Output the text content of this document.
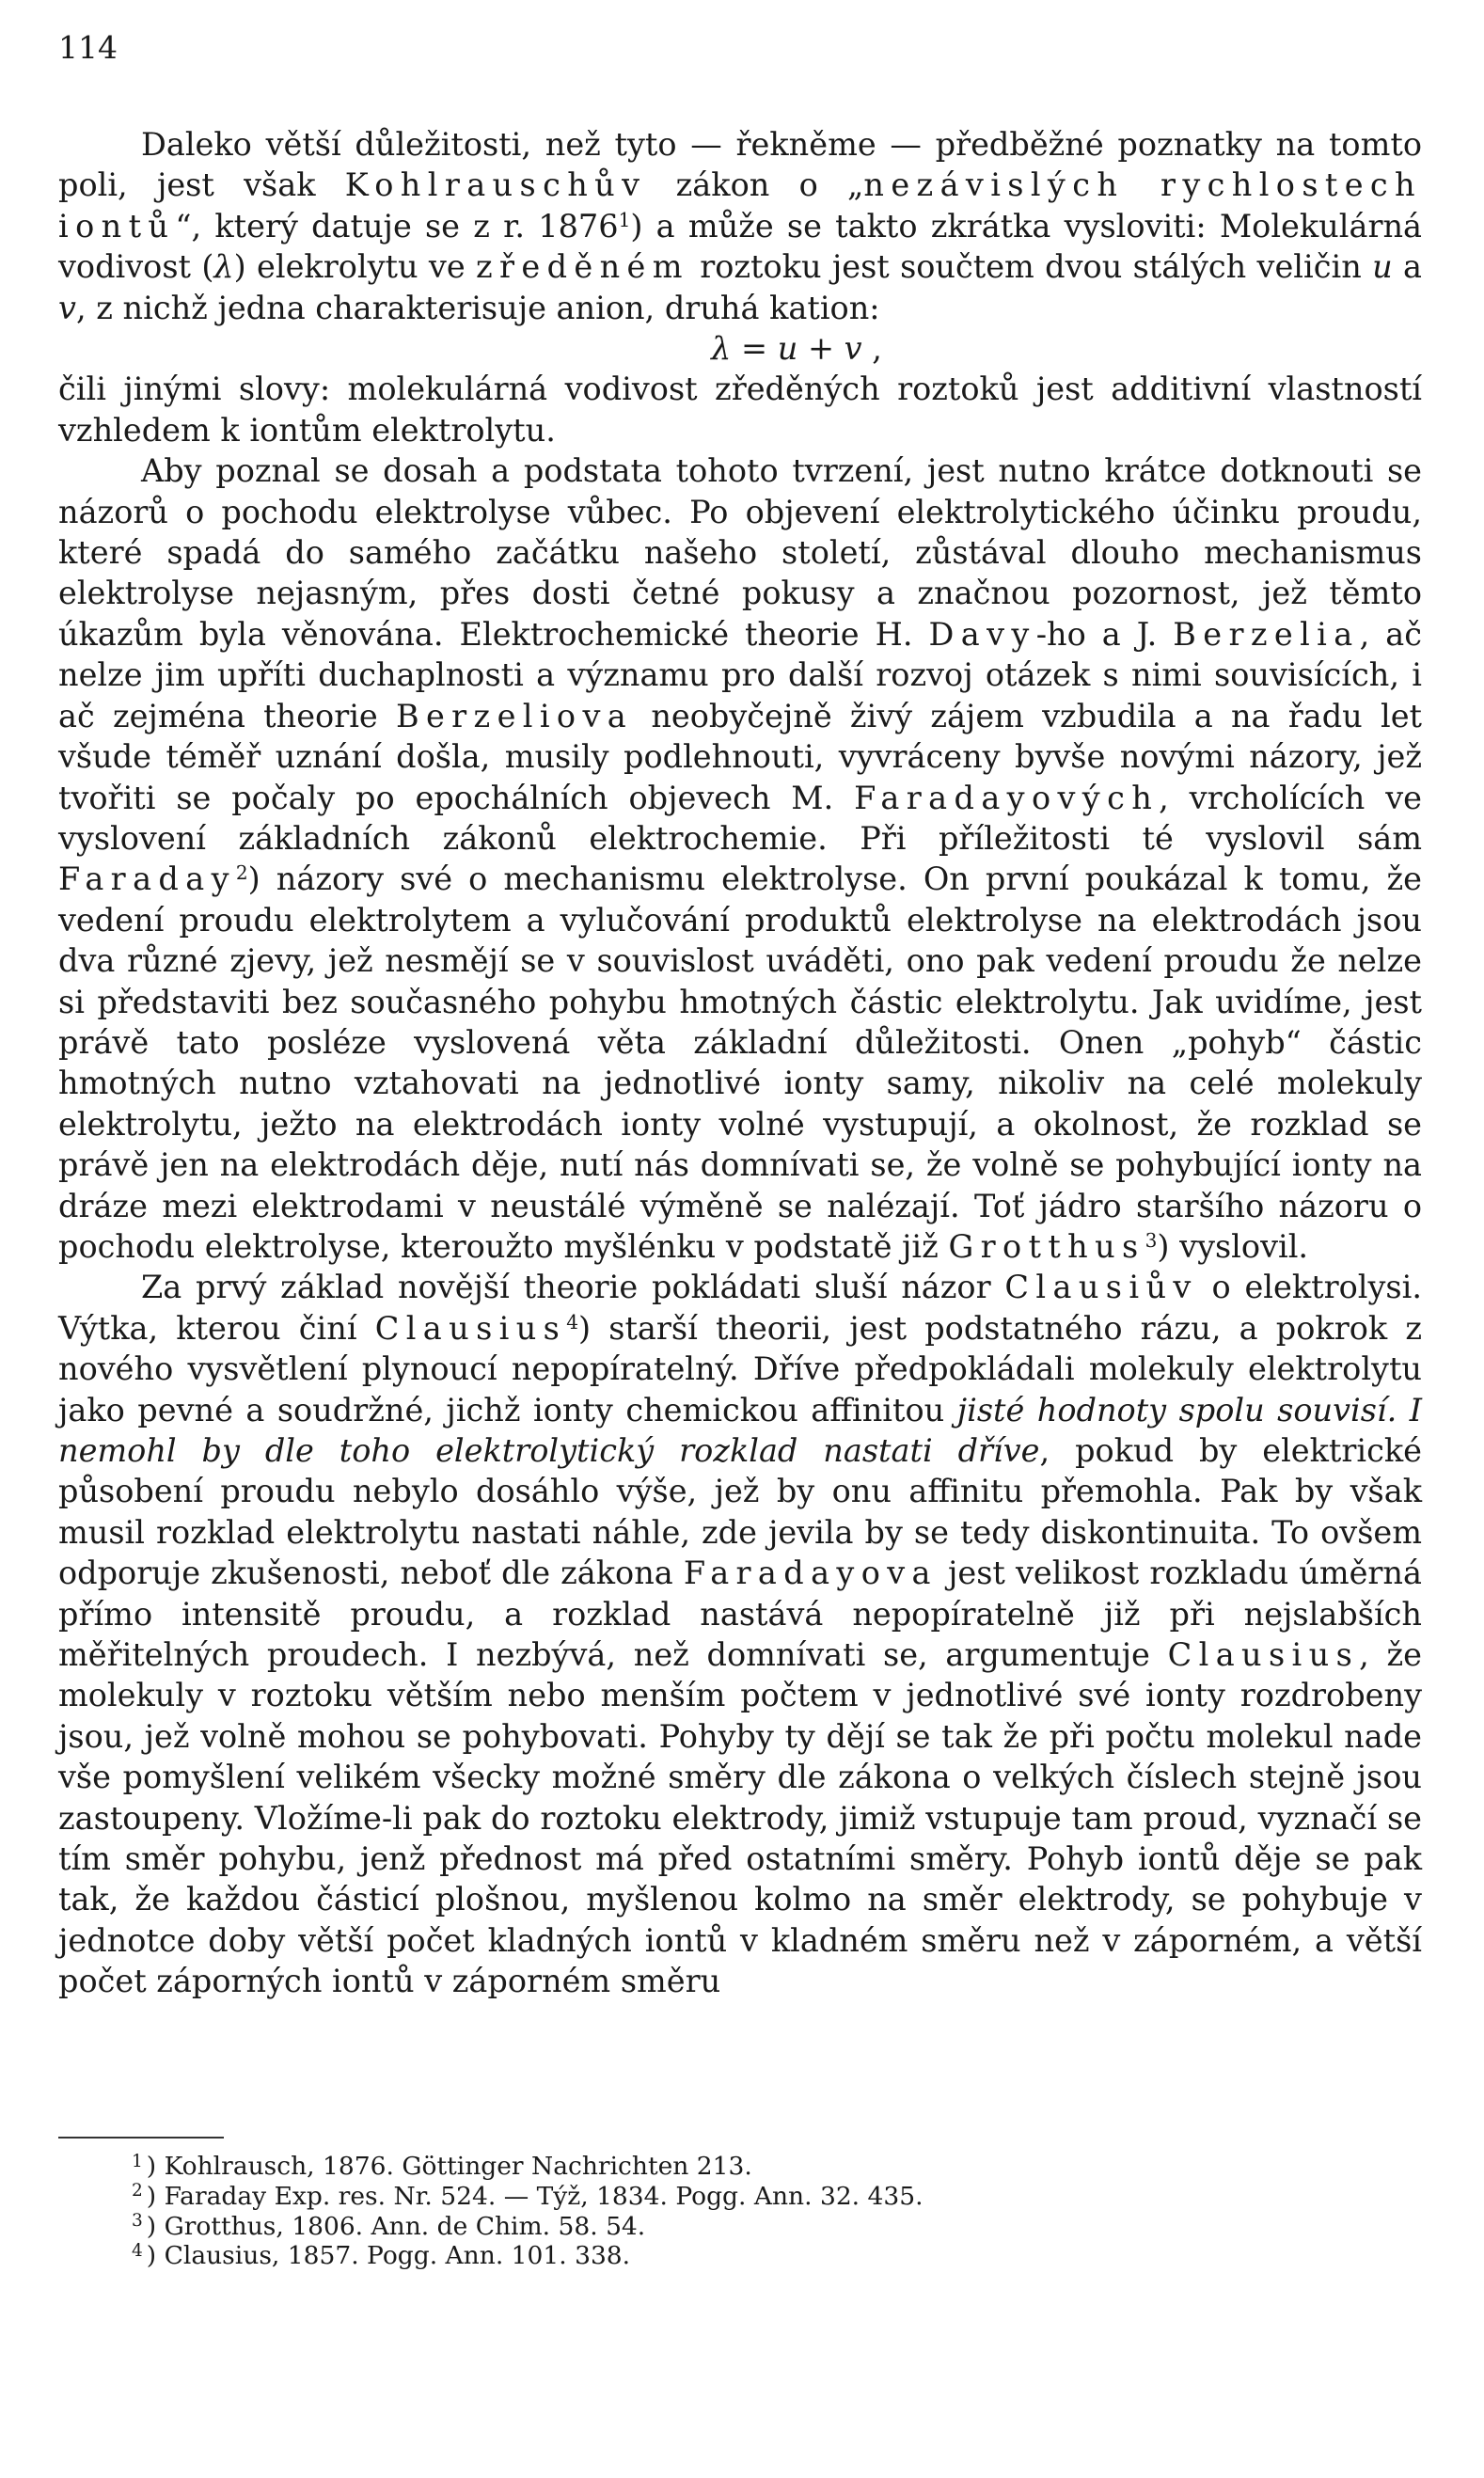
114

Daleko větší důležitosti, než tyto — řekněme — předběžné poznatky na tomto poli, jest však Kohlrauschův zákon o „nezávislých rychlostech iontů“, který datuje se z r. 1876$^1$) a může se takto zkrátka vysloviti: Molekulárná vodivost (λ) elekrolytu ve zředěném roztoku jest součtem dvou stálých veličin u a v, z nichž jedna charakterisuje anion, druhá kation:

λ = u + v ,

čili jinými slovy: molekulárná vodivost zředěných roztoků jest additivní vlastností vzhledem k iontům elektrolytu.

Aby poznal se dosah a podstata tohoto tvrzení, jest nutno krátce dotknouti se názorů o pochodu elektrolyse vůbec. Po objevení elektrolytického účinku proudu, které spadá do samého začátku našeho století, zůstával dlouho mechanismus elektrolyse nejasným, přes dosti četné pokusy a značnou pozornost, jež těmto úkazům byla věnována. Elektrochemické theorie H. Davy-ho a J. Berzelia, ač nelze jim upříti duchaplnosti a významu pro další rozvoj otázek s nimi souvisících, i ač zejména theorie Berzeliova neobyčejně živý zájem vzbudila a na řadu let všude téměř uznání došla, musily podlehnouti, vyvráceny byvše novými názory, jež tvořiti se počaly po epochálních objevech M. Faradayových, vrcholících ve vyslovení základních zákonů elektrochemie. Při příležitosti té vyslovil sám Faraday$^2$) názory své o mechanismu elektrolyse. On první poukázal k tomu, že vedení proudu elektrolytem a vylučování produktů elektrolyse na elektrodách jsou dva různé zjevy, jež nesmějí se v souvislost uváděti, ono pak vedení proudu že nelze si představiti bez současného pohybu hmotných částic elektrolytu. Jak uvidíme, jest právě tato posléze vyslovená věta základní důležitosti. Onen „pohyb“ částic hmotných nutno vztahovati na jednotlivé ionty samy, nikoliv na celé molekuly elektrolytu, ježto na elektrodách ionty volné vystupují, a okolnost, že rozklad se právě jen na elektrodách děje, nutí nás domnívati se, že volně se pohybující ionty na dráze mezi elektrodami v neustálé výměně se nalézají. Toť jádro staršího názoru o pochodu elektrolyse, kteroužto myšlénku v podstatě již Grotthus$^3$) vyslovil.

Za prvý základ novější theorie pokládati sluší názor Clausiův o elektrolysi. Výtka, kterou činí Clausius$^4$) starší theorii, jest podstatného rázu, a pokrok z nového vysvětlení plynoucí nepopíratelný. Dříve předpokládali molekuly elektrolytu jako pevné a soudržné, jichž ionty chemickou affinitou jisté hodnoty spolu souvisí. I nemohl by dle toho elektrolytický rozklad nastati dříve, pokud by elektrické působení proudu nebylo dosáhlo výše, jež by onu affinitu přemohla. Pak by však musil rozklad elektrolytu nastati náhle, zde jevila by se tedy diskontinuita. To ovšem odporuje zkušenosti, neboť dle zákona Faradayova jest velikost rozkladu úměrná přímo intensitě proudu, a rozklad nastává nepopíratelně již při nejslabších měřitelných proudech. I nezbývá, než domnívati se, argumentuje Clausius, že molekuly v roztoku větším nebo menším počtem v jednotlivé své ionty rozdrobeny jsou, jež volně mohou se pohybovati. Pohyby ty dějí se tak že při počtu molekul nade vše pomyšlení velikém všecky možné směry dle zákona o velkých číslech stejně jsou zastoupeny. Vložíme-li pak do roztoku elektrody, jimiž vstupuje tam proud, vyznačí se tím směr pohybu, jenž přednost má před ostatními směry. Pohyb iontů děje se pak tak, že každou částicí plošnou, myšlenou kolmo na směr elektrody, se pohybuje v jednotce doby větší počet kladných iontů v kladném směru než v záporném, a větší počet záporných iontů v záporném směru

$^1$ ) Kohlrausch, 1876. Göttinger Nachrichten 213.

$^2$ ) Faraday Exp. res. Nr. 524. — Týž, 1834. Pogg. Ann. 32. 435.

$^3$ ) Grotthus, 1806. Ann. de Chim. 58. 54.

$^4$ ) Clausius, 1857. Pogg. Ann. 101. 338.
